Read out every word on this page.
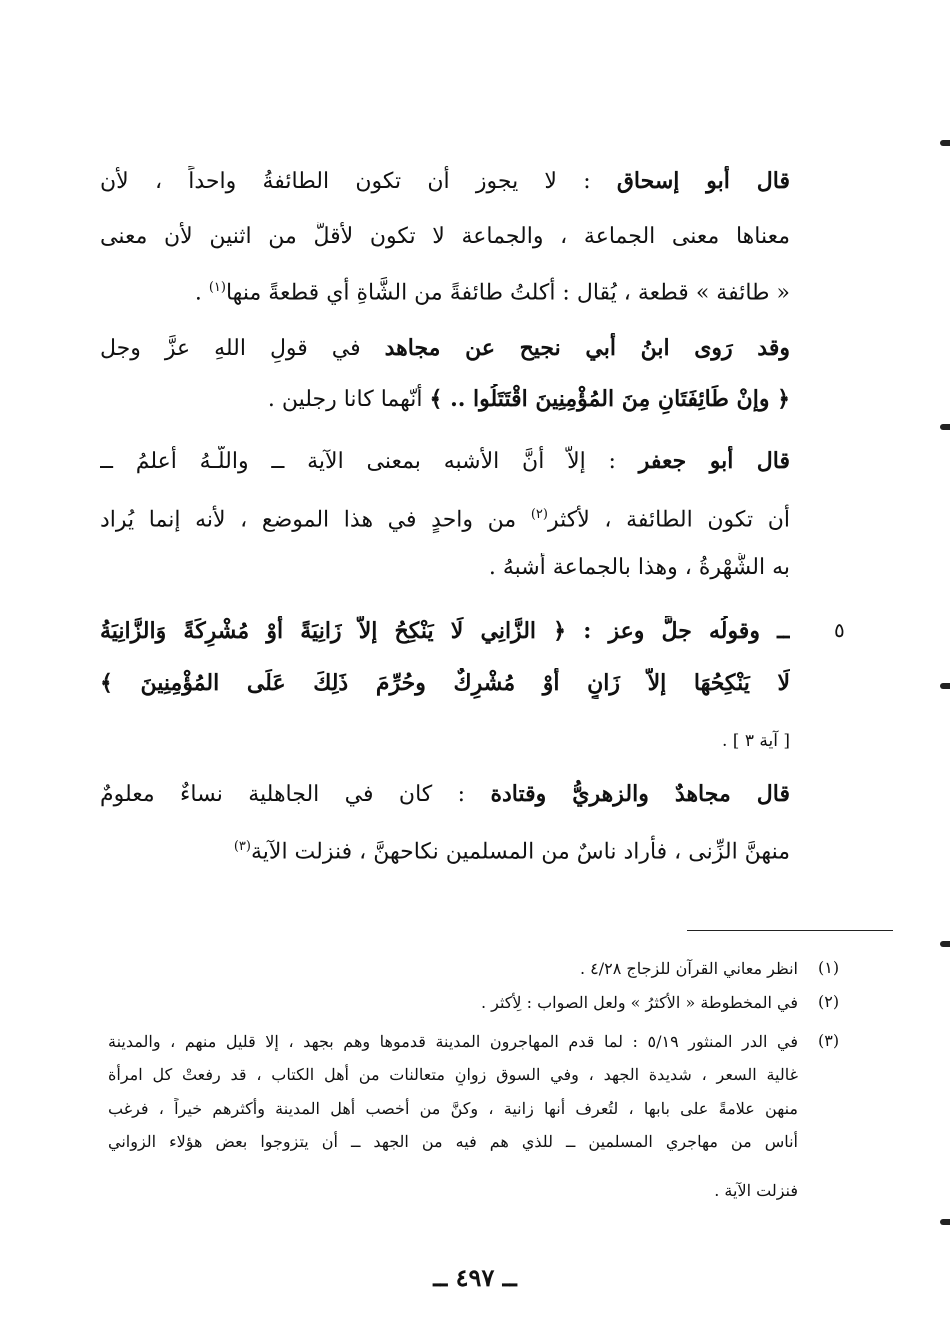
قال أبو إسحاق : لا يجوز أن تكون الطائفةُ واحداً ، لأن
معناها معنى الجماعة ، والجماعة لا تكون لأقلَّ من اثنين لأن معنى
« طائفة » قطعة ، يُقال : أكلتُ طائفةً من الشَّاةِ أي قطعةً منها$^{(١)}$ .
وقد رَوى ابنُ أبي نجيح عن مجاهد في قولِ اللهِ عزَّ وجل
﴿ وإنْ طَائِفَتَانِ مِنَ المُؤْمِنِينَ اقْتَتَلُوا .. ﴾ أنّهما كانا رجلين .
قال أبو جعفر : إلاَّ أنَّ الأشبه بمعنى الآية ــ واللَّـهُ أعلمُ ــ
أن تكون الطائفة ، لأكثر$^{(٢)}$ من واحدٍ في هذا الموضع ، لأنه إنما يُراد
به الشُّهْرةُ ، وهذا بالجماعة أشبهُ .
٥
ــ وقولُه جلَّ وعز : ﴿ الزَّانِي لَا يَنْكِحُ إلاَّ زَانِيَةً أَوْ مُشْرِكَةً وَالزَّانِيَةُ
لَا يَنْكِحُهَا إلاَّ زَانٍ أَوْ مُشْرِكٌ وحُرِّمَ ذَلِكَ عَلَى المُؤْمِنِينَ ﴾
[ آية ٣ ] .
قال مجاهدٌ والزهريُّ وقتادة : كان في الجاهلية نساءٌ معلومٌ
منهنَّ الزِّنى ، فأراد ناسٌ من المسلمين نكاحهنَّ ، فنزلت الآية$^{(٣)}$
(١)
انظر معاني القرآن للزجاج ٤/٢٨ .
(٢)
في المخطوطة « الأكثرُ » ولعل الصواب : لِأكثر .
(٣)
في الدر المنثور ٥/١٩ : لما قدم المهاجرون المدينة قدموها وهم بجهد ، إلا قليل منهم ، والمدينة
غالية السعر ، شديدة الجهد ، وفي السوق زوانٍ متعالنات من أهل الكتاب ، قد رفعتْ كل امرأة
منهن علامةً على بابها ، لتُعرف أنها زانية ، وكنَّ من أخصب أهل المدينة وأكثرهم خيراً ، فرغب
أناس من مهاجري المسلمين ــ للذي هم فيه من الجهد ــ أن يتزوجوا بعض هؤلاء الزواني
فنزلت الآية .
ــ ٤٩٧ ــ
